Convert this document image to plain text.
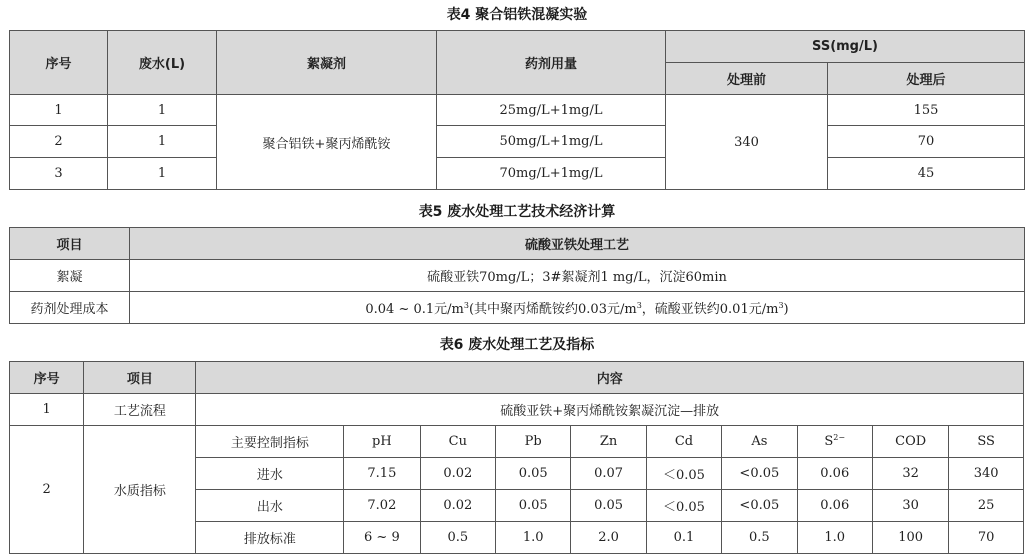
表4 聚合铝铁混凝实验
序号	废水(L)	絮凝剂	药剂用量	SS(mg/L)	
				处理前	处理后
1	1	聚合铝铁+聚丙烯酰铵	25mg/L+1mg/L	340	155
2	1		50mg/L+1mg/L		70
3	1		70mg/L+1mg/L		45
表5 废水处理工艺技术经济计算
项目	硫酸亚铁处理工艺
絮凝	硫酸亚铁70mg/L；3#絮凝剂1 mg/L，沉淀60min
药剂处理成本	0.04 ~ 0.1元$/m^3$(其中聚丙烯酰铵约0.03元$/m^3$，硫酸亚铁约0.01元$/m^3$)
表6 废水处理工艺及指标
序号	项目	内容									
1	工艺流程	硫酸亚铁+聚丙烯酰铵絮凝沉淀—排放									
2	水质指标	主要控制指标	pH	Cu	Pb	Zn	Cd	As	$S^{2-}$	COD	SS
		进水	7.15	0.02	0.05	0.07	＜0.05	<0.05	0.06	32	340
		出水	7.02	0.02	0.05	0.05	＜0.05	<0.05	0.06	30	25
		排放标准	6 ~ 9	0.5	1.0	2.0	0.1	0.5	1.0	100	70
